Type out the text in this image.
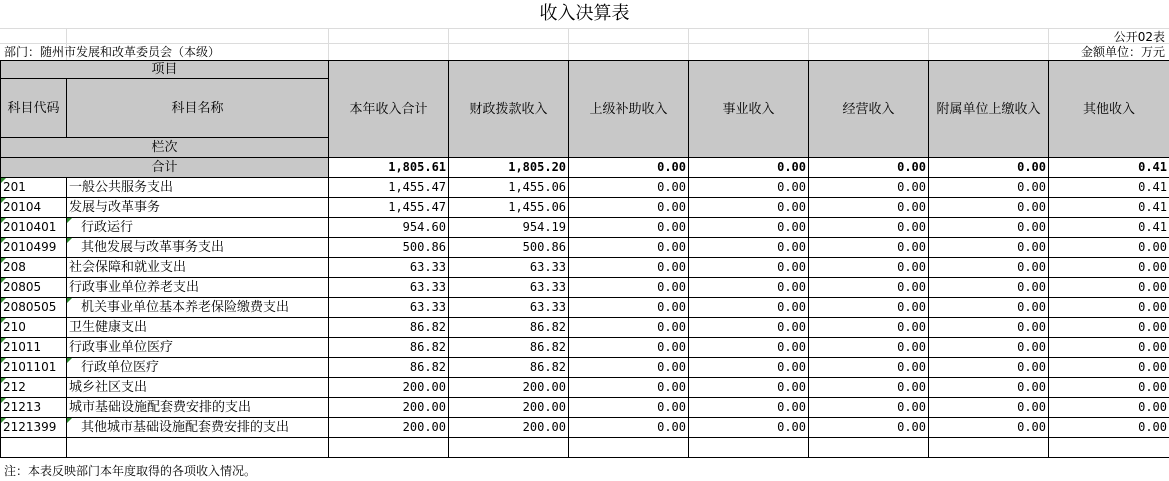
收入决算表
公开02表
部门：随州市发展和改革委员会（本级）	金额单位：万元
项目		本年收入合计	财政拨款收入	上级补助收入	事业收入	经营收入	附属单位上缴收入	其他收入	
科目代码	科目名称								
栏次							
合计		1,805.61	1,805.20	0.00	0.00	0.00	0.00	0.41	
201	一般公共服务支出	1,455.47	1,455.06	0.00	0.00	0.00	0.00	0.41	
20104	发展与改革事务	1,455.47	1,455.06	0.00	0.00	0.00	0.00	0.41	
2010401	行政运行	954.60	954.19	0.00	0.00	0.00	0.00	0.41	
2010499	其他发展与改革事务支出	500.86	500.86	0.00	0.00	0.00	0.00	0.00	
208	社会保障和就业支出	63.33	63.33	0.00	0.00	0.00	0.00	0.00	
20805	行政事业单位养老支出	63.33	63.33	0.00	0.00	0.00	0.00	0.00	
2080505	机关事业单位基本养老保险缴费支出	63.33	63.33	0.00	0.00	0.00	0.00	0.00	
210	卫生健康支出	86.82	86.82	0.00	0.00	0.00	0.00	0.00	
21011	行政事业单位医疗	86.82	86.82	0.00	0.00	0.00	0.00	0.00	
2101101	行政单位医疗	86.82	86.82	0.00	0.00	0.00	0.00	0.00	
212	城乡社区支出	200.00	200.00	0.00	0.00	0.00	0.00	0.00	
21213	城市基础设施配套费安排的支出	200.00	200.00	0.00	0.00	0.00	0.00	0.00	
2121399	其他城市基础设施配套费安排的支出	200.00	200.00	0.00	0.00	0.00	0.00	0.00	

注：本表反映部门本年度取得的各项收入情况。
